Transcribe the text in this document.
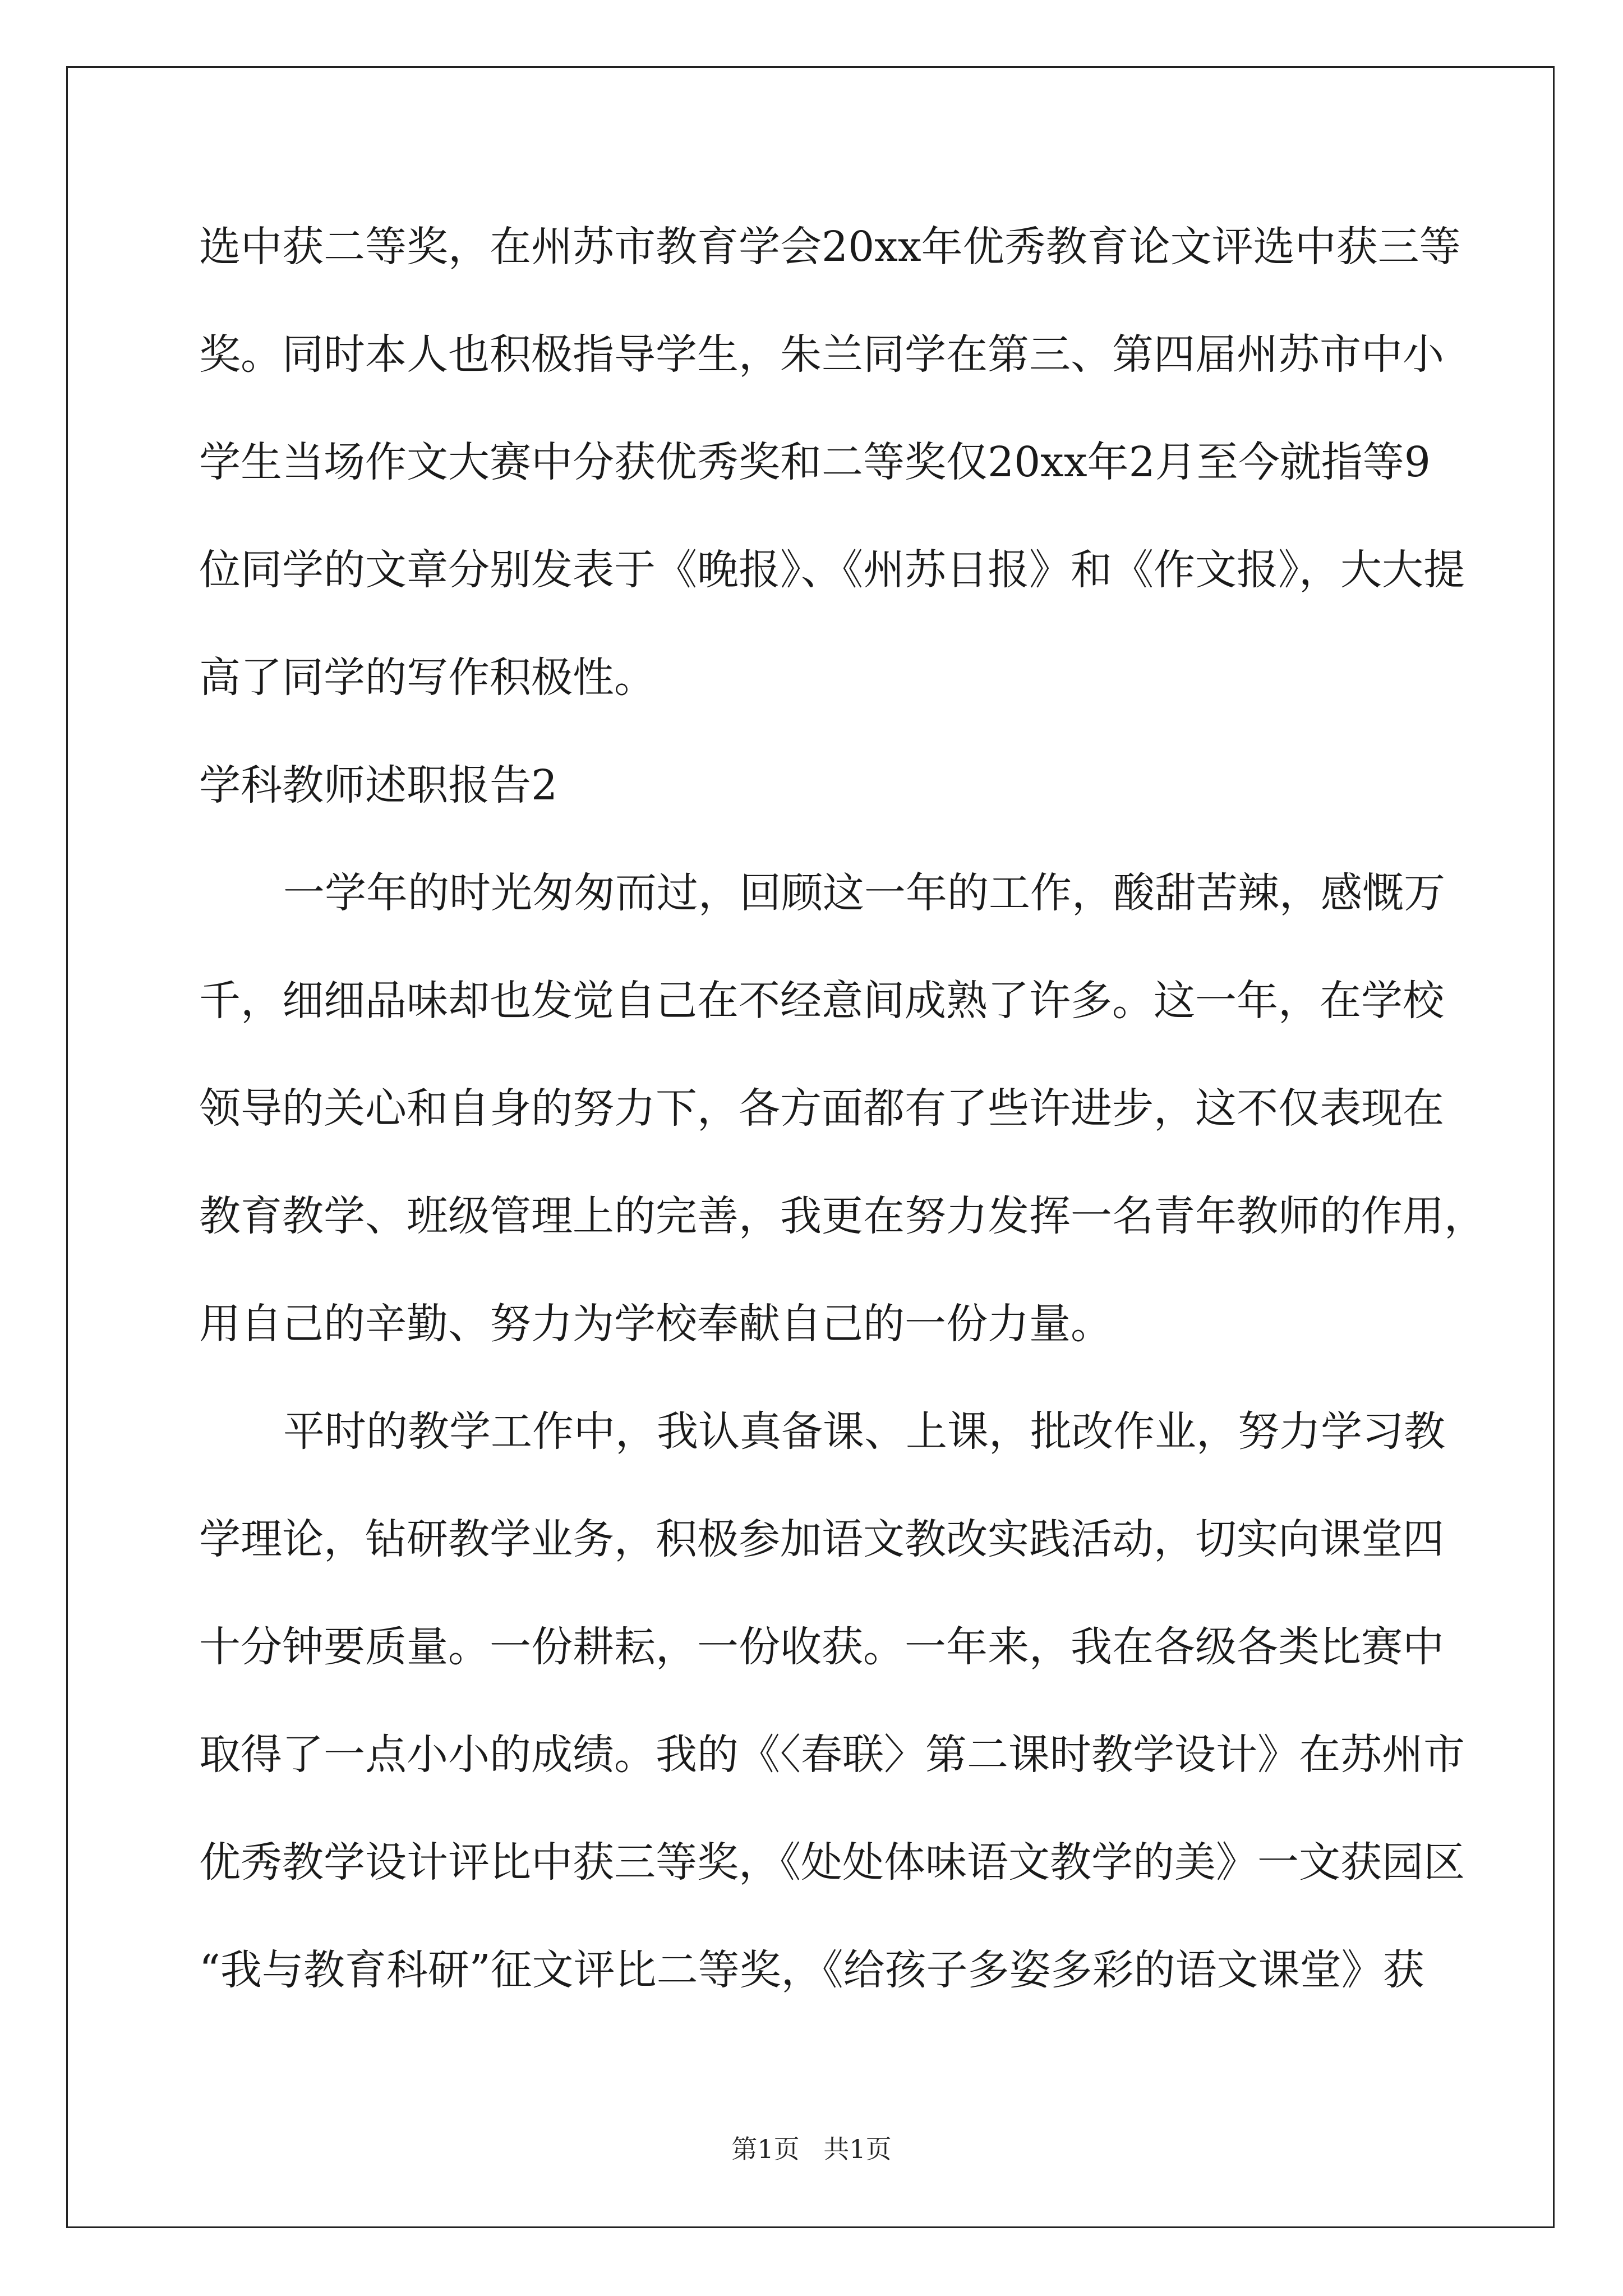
选中获二等奖，在州苏市教育学会20xx年优秀教育论文评选中获三等
奖。同时本人也积极指导学生，朱兰同学在第三、第四届州苏市中小
学生当场作文大赛中分获优秀奖和二等奖仅20xx年2月至今就指等9
位同学的文章分别发表于《晚报》、《州苏日报》和《作文报》，大大提
高了同学的写作积极性。
学科教师述职报告2
一学年的时光匆匆而过，回顾这一年的工作，酸甜苦辣，感慨万
千，细细品味却也发觉自己在不经意间成熟了许多。这一年，在学校
领导的关心和自身的努力下，各方面都有了些许进步，这不仅表现在
教育教学、班级管理上的完善，我更在努力发挥一名青年教师的作用，
用自己的辛勤、努力为学校奉献自己的一份力量。
平时的教学工作中，我认真备课、上课，批改作业，努力学习教
学理论，钻研教学业务，积极参加语文教改实践活动，切实向课堂四
十分钟要质量。一份耕耘，一份收获。一年来，我在各级各类比赛中
取得了一点小小的成绩。我的《〈春联〉第二课时教学设计》在苏州市
优秀教学设计评比中获三等奖，《处处体味语文教学的美》一文获园区
“我与教育科研”征文评比二等奖，《给孩子多姿多彩的语文课堂》获
第1页 共1页
